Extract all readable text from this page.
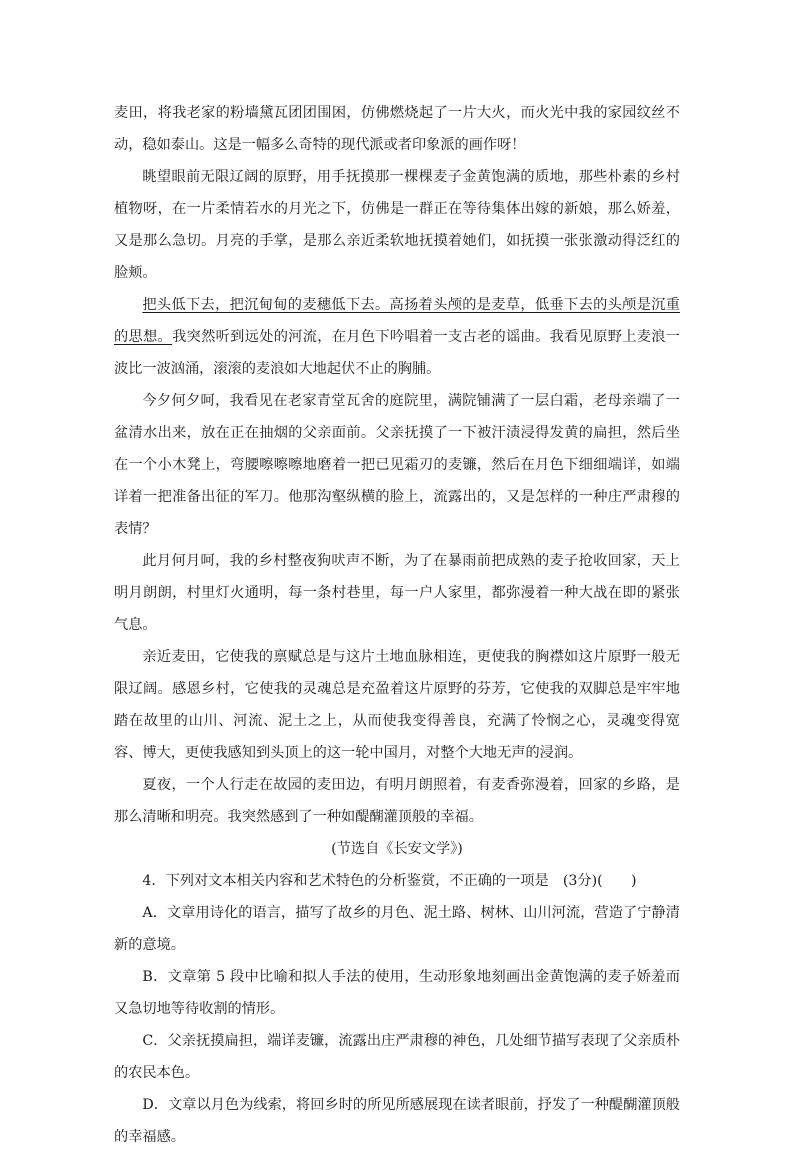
麦田，将我老家的粉墙黛瓦团团围困，仿佛燃烧起了一片大火，而火光中我的家园纹丝不动，稳如泰山。这是一幅多么奇特的现代派或者印象派的画作呀！

眺望眼前无限辽阔的原野，用手抚摸那一棵棵麦子金黄饱满的质地，那些朴素的乡村植物呀，在一片柔情若水的月光之下，仿佛是一群正在等待集体出嫁的新娘，那么娇羞，又是那么急切。月亮的手掌，是那么亲近柔软地抚摸着她们，如抚摸一张张激动得泛红的脸颊。

把头低下去，把沉甸甸的麦穗低下去。高扬着头颅的是麦草，低垂下去的头颅是沉重的思想。我突然听到远处的河流，在月色下吟唱着一支古老的谣曲。我看见原野上麦浪一波比一波汹涌，滚滚的麦浪如大地起伏不止的胸脯。

今夕何夕呵，我看见在老家青堂瓦舍的庭院里，满院铺满了一层白霜，老母亲端了一盆清水出来，放在正在抽烟的父亲面前。父亲抚摸了一下被汗渍浸得发黄的扁担，然后坐在一个小木凳上，弯腰嚓嚓嚓地磨着一把已见霜刃的麦镰，然后在月色下细细端详，如端详着一把准备出征的军刀。他那沟壑纵横的脸上，流露出的，又是怎样的一种庄严肃穆的表情？

此月何月呵，我的乡村整夜狗吠声不断，为了在暴雨前把成熟的麦子抢收回家，天上明月朗朗，村里灯火通明，每一条村巷里，每一户人家里，都弥漫着一种大战在即的紧张气息。

亲近麦田，它使我的禀赋总是与这片土地血脉相连，更使我的胸襟如这片原野一般无限辽阔。感恩乡村，它使我的灵魂总是充盈着这片原野的芬芳，它使我的双脚总是牢牢地踏在故里的山川、河流、泥土之上，从而使我变得善良，充满了怜悯之心，灵魂变得宽容、博大，更使我感知到头顶上的这一轮中国月，对整个大地无声的浸润。

夏夜，一个人行走在故园的麦田边，有明月朗照着，有麦香弥漫着，回家的乡路，是那么清晰和明亮。我突然感到了一种如醍醐灌顶般的幸福。

(节选自《长安文学》)

4．下列对文本相关内容和艺术特色的分析鉴赏，不正确的一项是　(3分)(　　)

A．文章用诗化的语言，描写了故乡的月色、泥土路、树林、山川河流，营造了宁静清新的意境。

B．文章第 5 段中比喻和拟人手法的使用，生动形象地刻画出金黄饱满的麦子娇羞而又急切地等待收割的情形。

C．父亲抚摸扁担，端详麦镰，流露出庄严肃穆的神色，几处细节描写表现了父亲质朴的农民本色。

D．文章以月色为线索，将回乡时的所见所感展现在读者眼前，抒发了一种醍醐灌顶般的幸福感。
